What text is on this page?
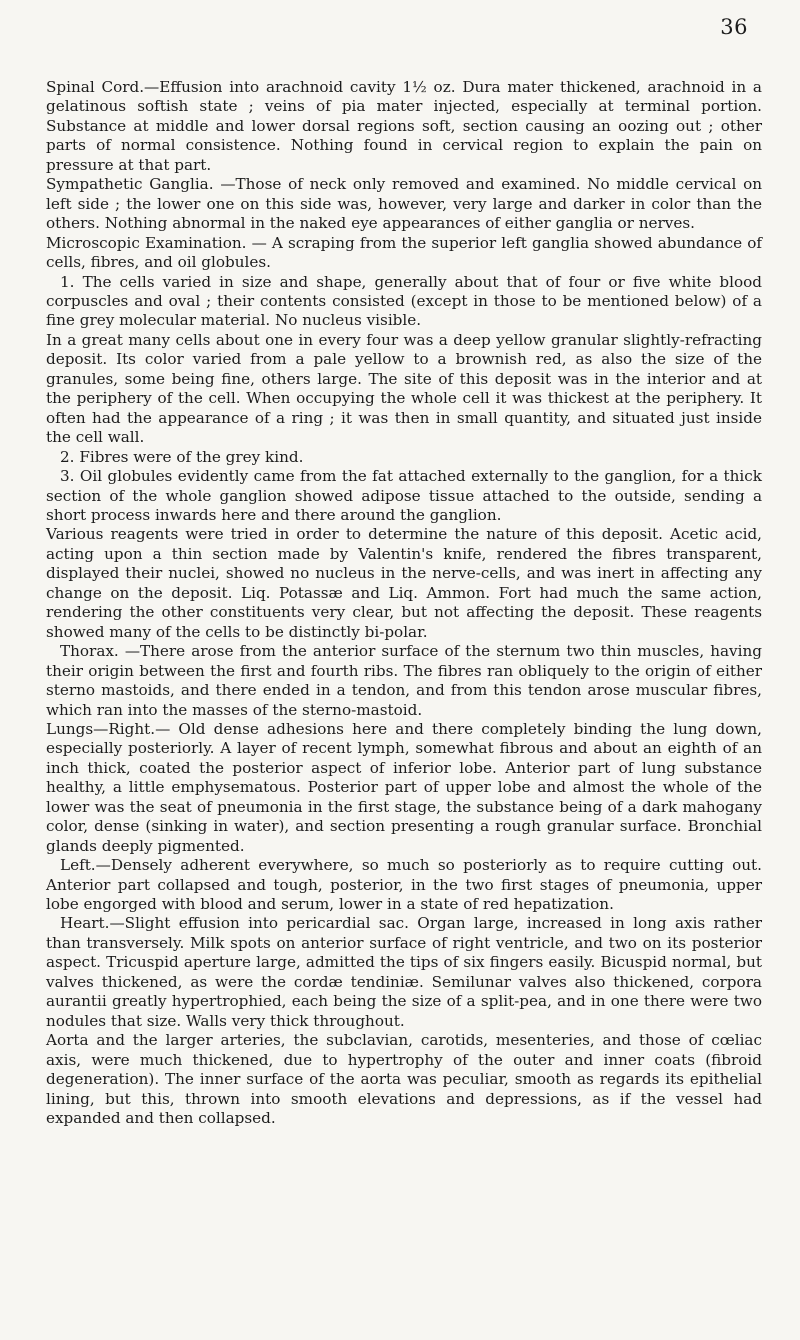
36

Spinal Cord.—Effusion into arachnoid cavity 1½ oz. Dura mater thickened, arachnoid in a gelatinous softish state ; veins of pia mater injected, especially at terminal portion. Substance at middle and lower dorsal regions soft, section causing an oozing out ; other parts of normal consistence. Nothing found in cervical region to explain the pain on pressure at that part.

Sympathetic Ganglia. —Those of neck only removed and examined. No middle cervical on left side ; the lower one on this side was, however, very large and darker in color than the others. Nothing abnormal in the naked eye appearances of either ganglia or nerves.

Microscopic Examination. — A scraping from the superior left ganglia showed abundance of cells, fibres, and oil globules.

1. The cells varied in size and shape, generally about that of four or five white blood corpuscles and oval ; their contents consisted (except in those to be mentioned below) of a fine grey molecular material. No nucleus visible.

In a great many cells about one in every four was a deep yellow granular slightly-refracting deposit. Its color varied from a pale yellow to a brownish red, as also the size of the granules, some being fine, others large. The site of this deposit was in the interior and at the periphery of the cell. When occupying the whole cell it was thickest at the periphery. It often had the appearance of a ring ; it was then in small quantity, and situated just inside the cell wall.

2. Fibres were of the grey kind.

3. Oil globules evidently came from the fat attached externally to the ganglion, for a thick section of the whole ganglion showed adipose tissue attached to the outside, sending a short process inwards here and there around the ganglion.

Various reagents were tried in order to determine the nature of this deposit. Acetic acid, acting upon a thin section made by Valentin's knife, rendered the fibres transparent, displayed their nuclei, showed no nucleus in the nerve-cells, and was inert in affecting any change on the deposit. Liq. Potassæ and Liq. Ammon. Fort had much the same action, rendering the other constituents very clear, but not affecting the deposit. These reagents showed many of the cells to be distinctly bi-polar.

Thorax. —There arose from the anterior surface of the sternum two thin muscles, having their origin between the first and fourth ribs. The fibres ran obliquely to the origin of either sterno mastoids, and there ended in a tendon, and from this tendon arose muscular fibres, which ran into the masses of the sterno-mastoid.

Lungs—Right.— Old dense adhesions here and there completely binding the lung down, especially posteriorly. A layer of recent lymph, somewhat fibrous and about an eighth of an inch thick, coated the posterior aspect of inferior lobe. Anterior part of lung substance healthy, a little emphysematous. Posterior part of upper lobe and almost the whole of the lower was the seat of pneumonia in the first stage, the substance being of a dark mahogany color, dense (sinking in water), and section presenting a rough granular surface. Bronchial glands deeply pigmented.

Left.—Densely adherent everywhere, so much so posteriorly as to require cutting out. Anterior part collapsed and tough, posterior, in the two first stages of pneumonia, upper lobe engorged with blood and serum, lower in a state of red hepatization.

Heart.—Slight effusion into pericardial sac. Organ large, increased in long axis rather than transversely. Milk spots on anterior surface of right ventricle, and two on its posterior aspect. Tricuspid aperture large, admitted the tips of six fingers easily. Bicuspid normal, but valves thickened, as were the cordæ tendiniæ. Semilunar valves also thickened, corpora aurantii greatly hypertrophied, each being the size of a split-pea, and in one there were two nodules that size. Walls very thick throughout.

Aorta and the larger arteries, the subclavian, carotids, mesenteries, and those of cœliac axis, were much thickened, due to hypertrophy of the outer and inner coats (fibroid degeneration). The inner surface of the aorta was peculiar, smooth as regards its epithelial lining, but this, thrown into smooth elevations and depressions, as if the vessel had expanded and then collapsed.
